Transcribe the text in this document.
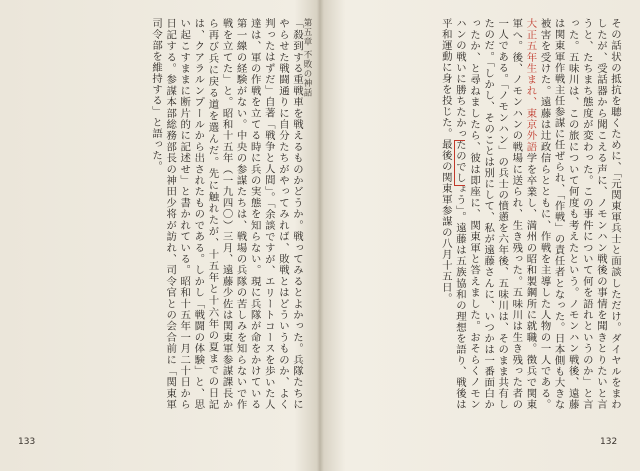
第五章 不敗の神話

「殺到する重戦車を戦えるものかどうか。戦ってみるとよかった。兵隊たちにやらせた戦闘通りに自分たちがやってみれば、敗戦とはどういうものか、よく判ったはずだ」自著「戦争と人間」。「余談ですが、エリートコースを歩いた人達は、軍の作戦を立てる時に兵の実態を知らない。現に兵隊が命をかけている第一線の経験がない。中央の参謀たちは、戦場の兵隊の苦しみを知らないで作戦を立てた」と。昭和十五年（一九四〇）三月、遠藤少佐は関東軍参謀課長から再び兵に戻る道を選んだ。先に触れたが、十五年と十六年の夏までの日記は、クアラルンプールから出されたものである。しかし「戦闘の体験」と、思い起こすままに断片的に記述せ」と書かれている。昭和十五年一月二十日から日記する。参謀本部総務部長の神田少将が訪れ、司令官との会合前に「関東軍司令部を維持する」と語った。

133

その話状の抵抗を聴くために、「元関東軍兵士と面談しただけ。ダイヤルをまわしたが、受話器から聞こえる声に、ノモンハン戦後の事情を聞きとりたいと言うと、たちまち態度が変わった。この事件について何を語れというのか」と言った。五味川は、この旅について何度も考えたという。ノモンハン戦後、遠藤は関東軍作戦主任参謀に任ぜられ、「作戦」の責任者となった。日本側も大きな被害を受けた。遠藤は辻政信らとともに、作戦を主導した人物の一人である。大正五年生まれ、東京外語学を卒業し、満州の昭和製鋼所に就職。徴兵で関東軍へ。後、ノモンハンの戦場に送られ、生き残った。五味川は生き残った者の一人である。「ノモンハン」の兵士の憤懣を六年後、五味川は、そのまま共有したのだ。「しかし、そのことは別にして、私が遠藤さんに、いつかは一番面白かったか、と尋ねましたら、彼は即座に、関東軍と答えました。おそらくノモンハンの戦いに勝ちたかったのでしょう」。遠藤は五族協和の理想を語り、戦後は平和運動に身を投じた。最後の関東軍参謀の八月十五日。

132
